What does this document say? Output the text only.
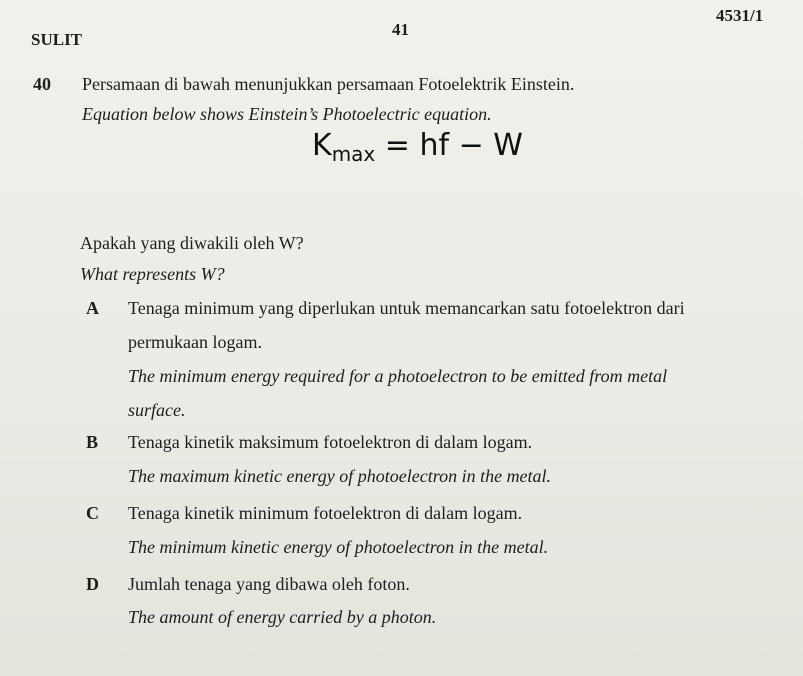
SULIT
41
4531/1
40 Persamaan di bawah menunjukkan persamaan Fotoelektrik Einstein.
Equation below shows Einstein’s Photoelectric equation.
$K_{max}$ = hf − W
Apakah yang diwakili oleh W?
What represents W?
A Tenaga minimum yang diperlukan untuk memancarkan satu fotoelektron dari
permukaan logam.
The minimum energy required for a photoelectron to be emitted from metal
surface.
B Tenaga kinetik maksimum fotoelektron di dalam logam.
The maximum kinetic energy of photoelectron in the metal.
C Tenaga kinetik minimum fotoelektron di dalam logam.
The minimum kinetic energy of photoelectron in the metal.
D Jumlah tenaga yang dibawa oleh foton.
The amount of energy carried by a photon.
